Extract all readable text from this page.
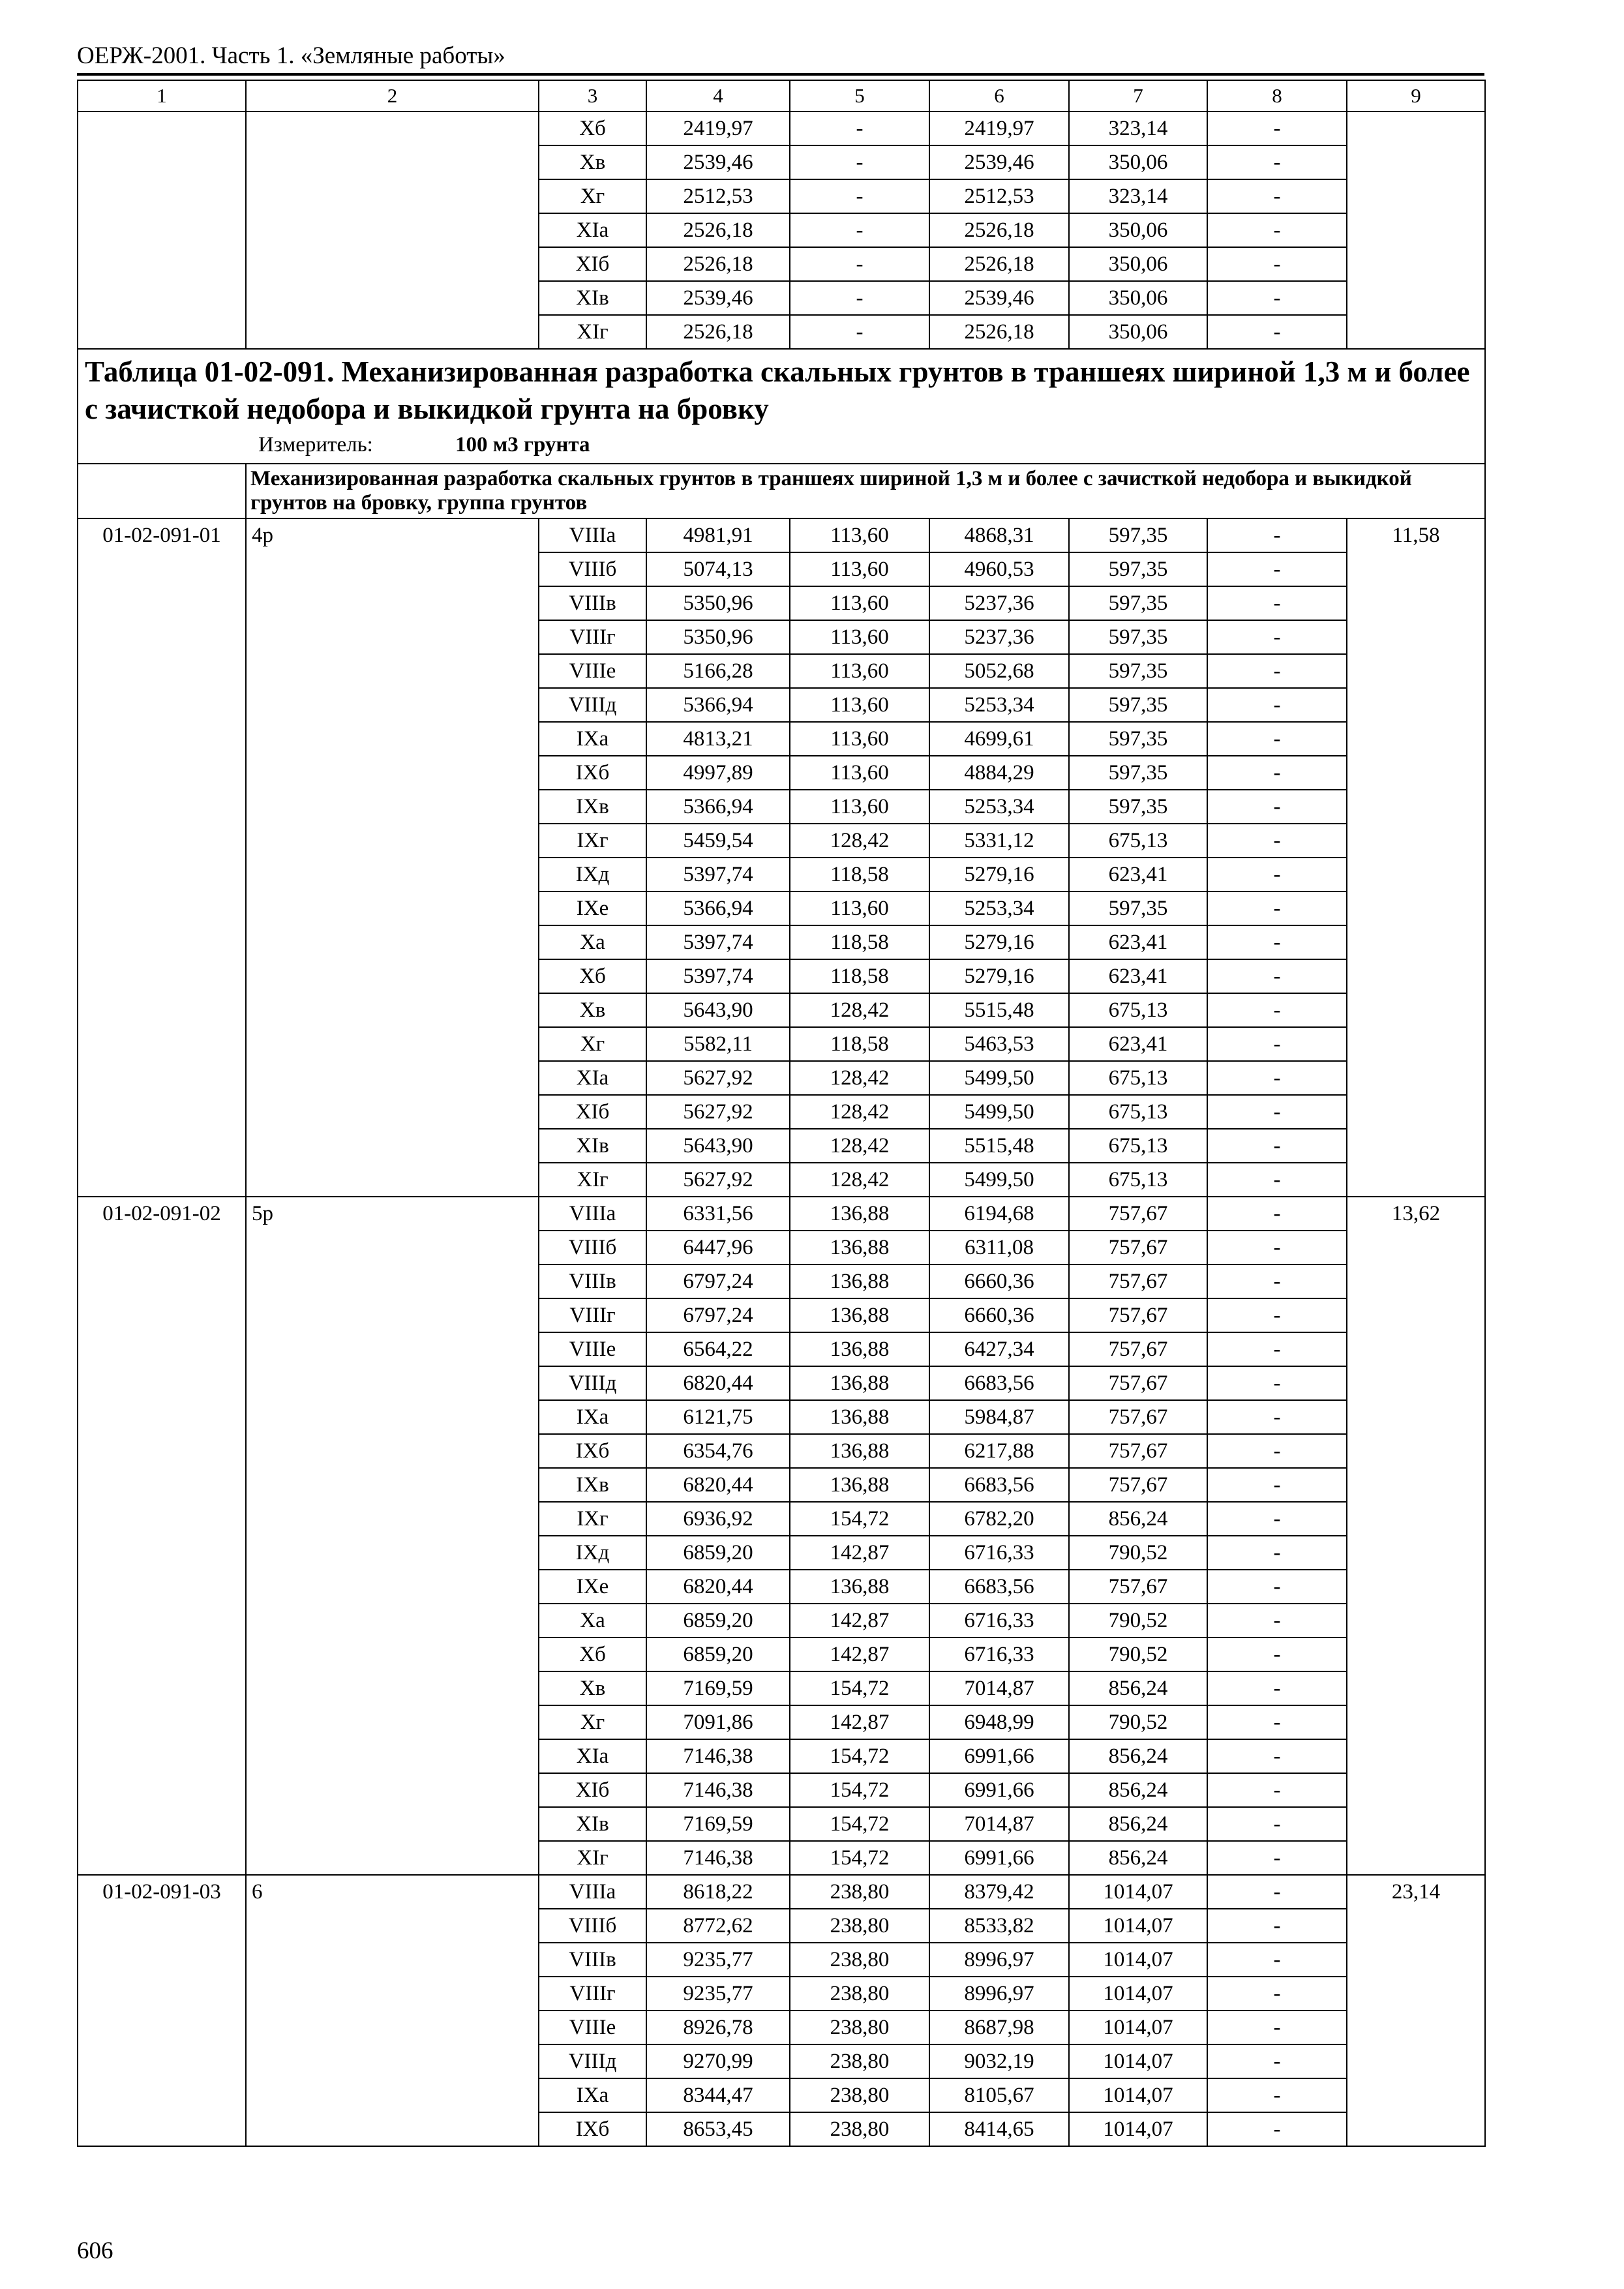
ОЕРЖ-2001. Часть 1. «Земляные работы»
1	2	3	4	5	6	7	8	9
		Xб	2419,97	-	2419,97	323,14	-	
		Xв	2539,46	-	2539,46	350,06	-	
		Xг	2512,53	-	2512,53	323,14	-	
		XIа	2526,18	-	2526,18	350,06	-	
		XIб	2526,18	-	2526,18	350,06	-	
		XIв	2539,46	-	2539,46	350,06	-	
		XIг	2526,18	-	2526,18	350,06	-	

Таблица 01-02-091. Механизированная разработка скальных грунтов в траншеях шириной 1,3 м и более с зачисткой недобора и выкидкой грунта на бровку
Измеритель: 100 м3 грунта								

	Механизированная разработка скальных грунтов в траншеях шириной 1,3 м и более с зачисткой недобора и выкидкой грунтов на бровку, группа грунтов							
01-02-091-01	4р	VIIIа	4981,91	113,60	4868,31	597,35	-	11,58
		VIIIб	5074,13	113,60	4960,53	597,35	-	
		VIIIв	5350,96	113,60	5237,36	597,35	-	
		VIIIг	5350,96	113,60	5237,36	597,35	-	
		VIIIе	5166,28	113,60	5052,68	597,35	-	
		VIIIд	5366,94	113,60	5253,34	597,35	-	
		IXа	4813,21	113,60	4699,61	597,35	-	
		IXб	4997,89	113,60	4884,29	597,35	-	
		IXв	5366,94	113,60	5253,34	597,35	-	
		IXг	5459,54	128,42	5331,12	675,13	-	
		IXд	5397,74	118,58	5279,16	623,41	-	
		IXе	5366,94	113,60	5253,34	597,35	-	
		Xа	5397,74	118,58	5279,16	623,41	-	
		Xб	5397,74	118,58	5279,16	623,41	-	
		Xв	5643,90	128,42	5515,48	675,13	-	
		Xг	5582,11	118,58	5463,53	623,41	-	
		XIа	5627,92	128,42	5499,50	675,13	-	
		XIб	5627,92	128,42	5499,50	675,13	-	
		XIв	5643,90	128,42	5515,48	675,13	-	
		XIг	5627,92	128,42	5499,50	675,13	-	
01-02-091-02	5р	VIIIа	6331,56	136,88	6194,68	757,67	-	13,62
		VIIIб	6447,96	136,88	6311,08	757,67	-	
		VIIIв	6797,24	136,88	6660,36	757,67	-	
		VIIIг	6797,24	136,88	6660,36	757,67	-	
		VIIIе	6564,22	136,88	6427,34	757,67	-	
		VIIIд	6820,44	136,88	6683,56	757,67	-	
		IXа	6121,75	136,88	5984,87	757,67	-	
		IXб	6354,76	136,88	6217,88	757,67	-	
		IXв	6820,44	136,88	6683,56	757,67	-	
		IXг	6936,92	154,72	6782,20	856,24	-	
		IXд	6859,20	142,87	6716,33	790,52	-	
		IXе	6820,44	136,88	6683,56	757,67	-	
		Xа	6859,20	142,87	6716,33	790,52	-	
		Xб	6859,20	142,87	6716,33	790,52	-	
		Xв	7169,59	154,72	7014,87	856,24	-	
		Xг	7091,86	142,87	6948,99	790,52	-	
		XIа	7146,38	154,72	6991,66	856,24	-	
		XIб	7146,38	154,72	6991,66	856,24	-	
		XIв	7169,59	154,72	7014,87	856,24	-	
		XIг	7146,38	154,72	6991,66	856,24	-	
01-02-091-03	6	VIIIа	8618,22	238,80	8379,42	1014,07	-	23,14
		VIIIб	8772,62	238,80	8533,82	1014,07	-	
		VIIIв	9235,77	238,80	8996,97	1014,07	-	
		VIIIг	9235,77	238,80	8996,97	1014,07	-	
		VIIIе	8926,78	238,80	8687,98	1014,07	-	
		VIIIд	9270,99	238,80	9032,19	1014,07	-	
		IXа	8344,47	238,80	8105,67	1014,07	-	
		IXб	8653,45	238,80	8414,65	1014,07	-	
606
